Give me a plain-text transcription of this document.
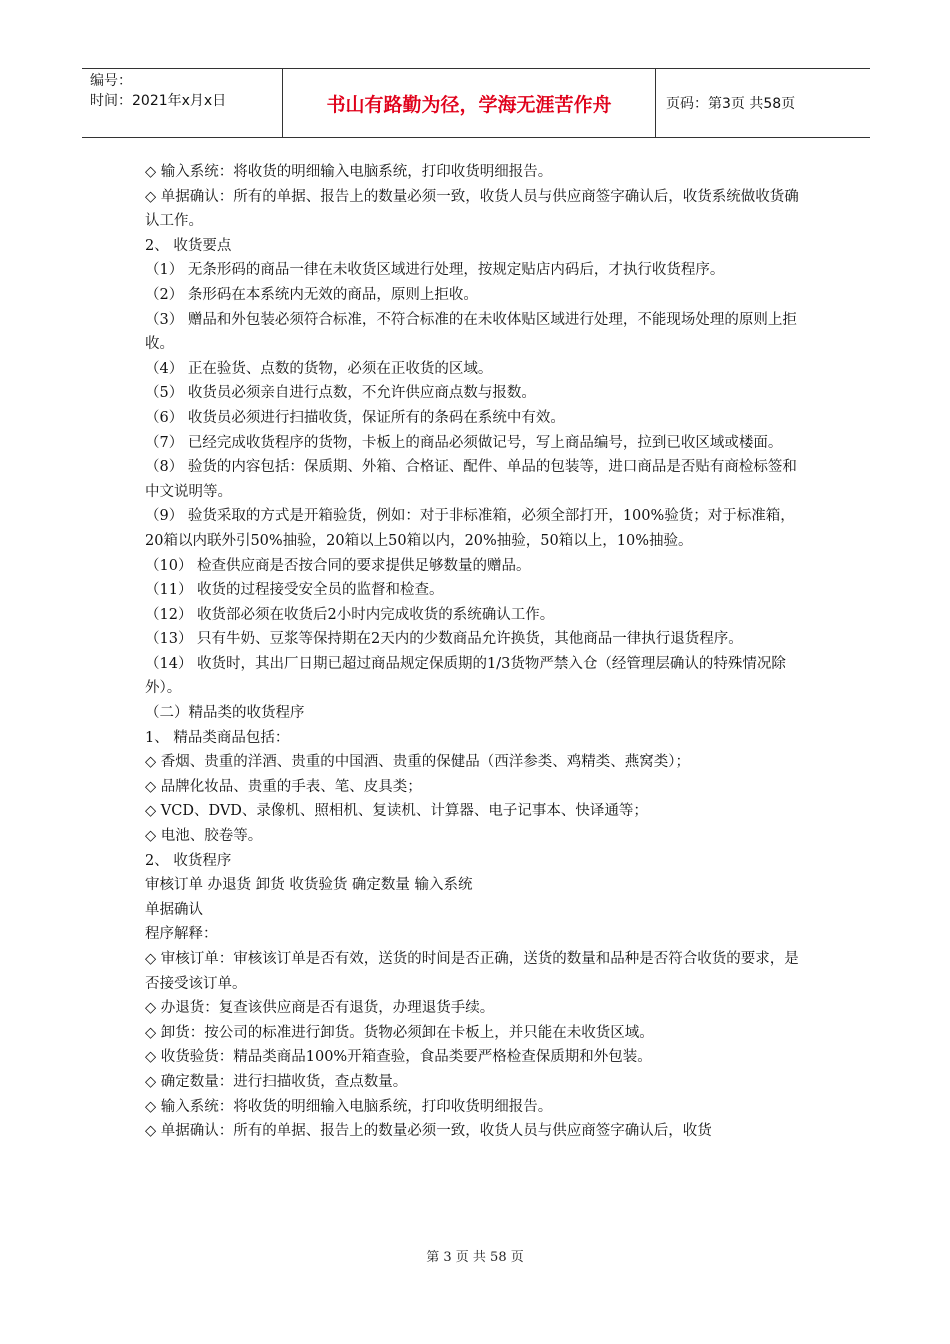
编号：
时间：2021年x月x日	书山有路勤为径，学海无涯苦作舟	页码：第3页 共58页

◇ 输入系统：将收货的明细输入电脑系统，打印收货明细报告。

◇ 单据确认：所有的单据、报告上的数量必须一致，收货人员与供应商签字确认后，收货系统做收货确认工作。

2、 收货要点

（1） 无条形码的商品一律在未收货区域进行处理，按规定贴店内码后，才执行收货程序。

（2） 条形码在本系统内无效的商品，原则上拒收。

（3） 赠品和外包装必须符合标准，不符合标准的在未收体贴区域进行处理，不能现场处理的原则上拒收。

（4） 正在验货、点数的货物，必须在正收货的区域。

（5） 收货员必须亲自进行点数，不允许供应商点数与报数。

（6） 收货员必须进行扫描收货，保证所有的条码在系统中有效。

（7） 已经完成收货程序的货物，卡板上的商品必须做记号，写上商品编号，拉到已收区域或楼面。

（8） 验货的内容包括：保质期、外箱、合格证、配件、单品的包装等，进口商品是否贴有商检标签和中文说明等。

（9） 验货采取的方式是开箱验货，例如：对于非标准箱，必须全部打开，100%验货；对于标准箱，20箱以内联外引50%抽验，20箱以上50箱以内，20%抽验，50箱以上，10%抽验。

（10） 检查供应商是否按合同的要求提供足够数量的赠品。

（11） 收货的过程接受安全员的监督和检查。

（12） 收货部必须在收货后2小时内完成收货的系统确认工作。

（13） 只有牛奶、豆浆等保持期在2天内的少数商品允许换货，其他商品一律执行退货程序。

（14） 收货时，其出厂日期已超过商品规定保质期的1/3货物严禁入仓（经管理层确认的特殊情况除外）。

（二）精品类的收货程序

1、 精品类商品包括：

◇ 香烟、贵重的洋酒、贵重的中国酒、贵重的保健品（西洋参类、鸡精类、燕窝类）；

◇ 品牌化妆品、贵重的手表、笔、皮具类；

◇ VCD、DVD、录像机、照相机、复读机、计算器、电子记事本、快译通等；

◇ 电池、胶卷等。

2、 收货程序

审核订单 办退货 卸货 收货验货 确定数量 输入系统

单据确认

程序解释：

◇ 审核订单：审核该订单是否有效，送货的时间是否正确，送货的数量和品种是否符合收货的要求，是否接受该订单。

◇ 办退货：复查该供应商是否有退货，办理退货手续。

◇ 卸货：按公司的标准进行卸货。货物必须卸在卡板上，并只能在未收货区域。

◇ 收货验货：精品类商品100%开箱查验，食品类要严格检查保质期和外包装。

◇ 确定数量：进行扫描收货，查点数量。

◇ 输入系统：将收货的明细输入电脑系统，打印收货明细报告。

◇ 单据确认：所有的单据、报告上的数量必须一致，收货人员与供应商签字确认后，收货

第 3 页 共 58 页
